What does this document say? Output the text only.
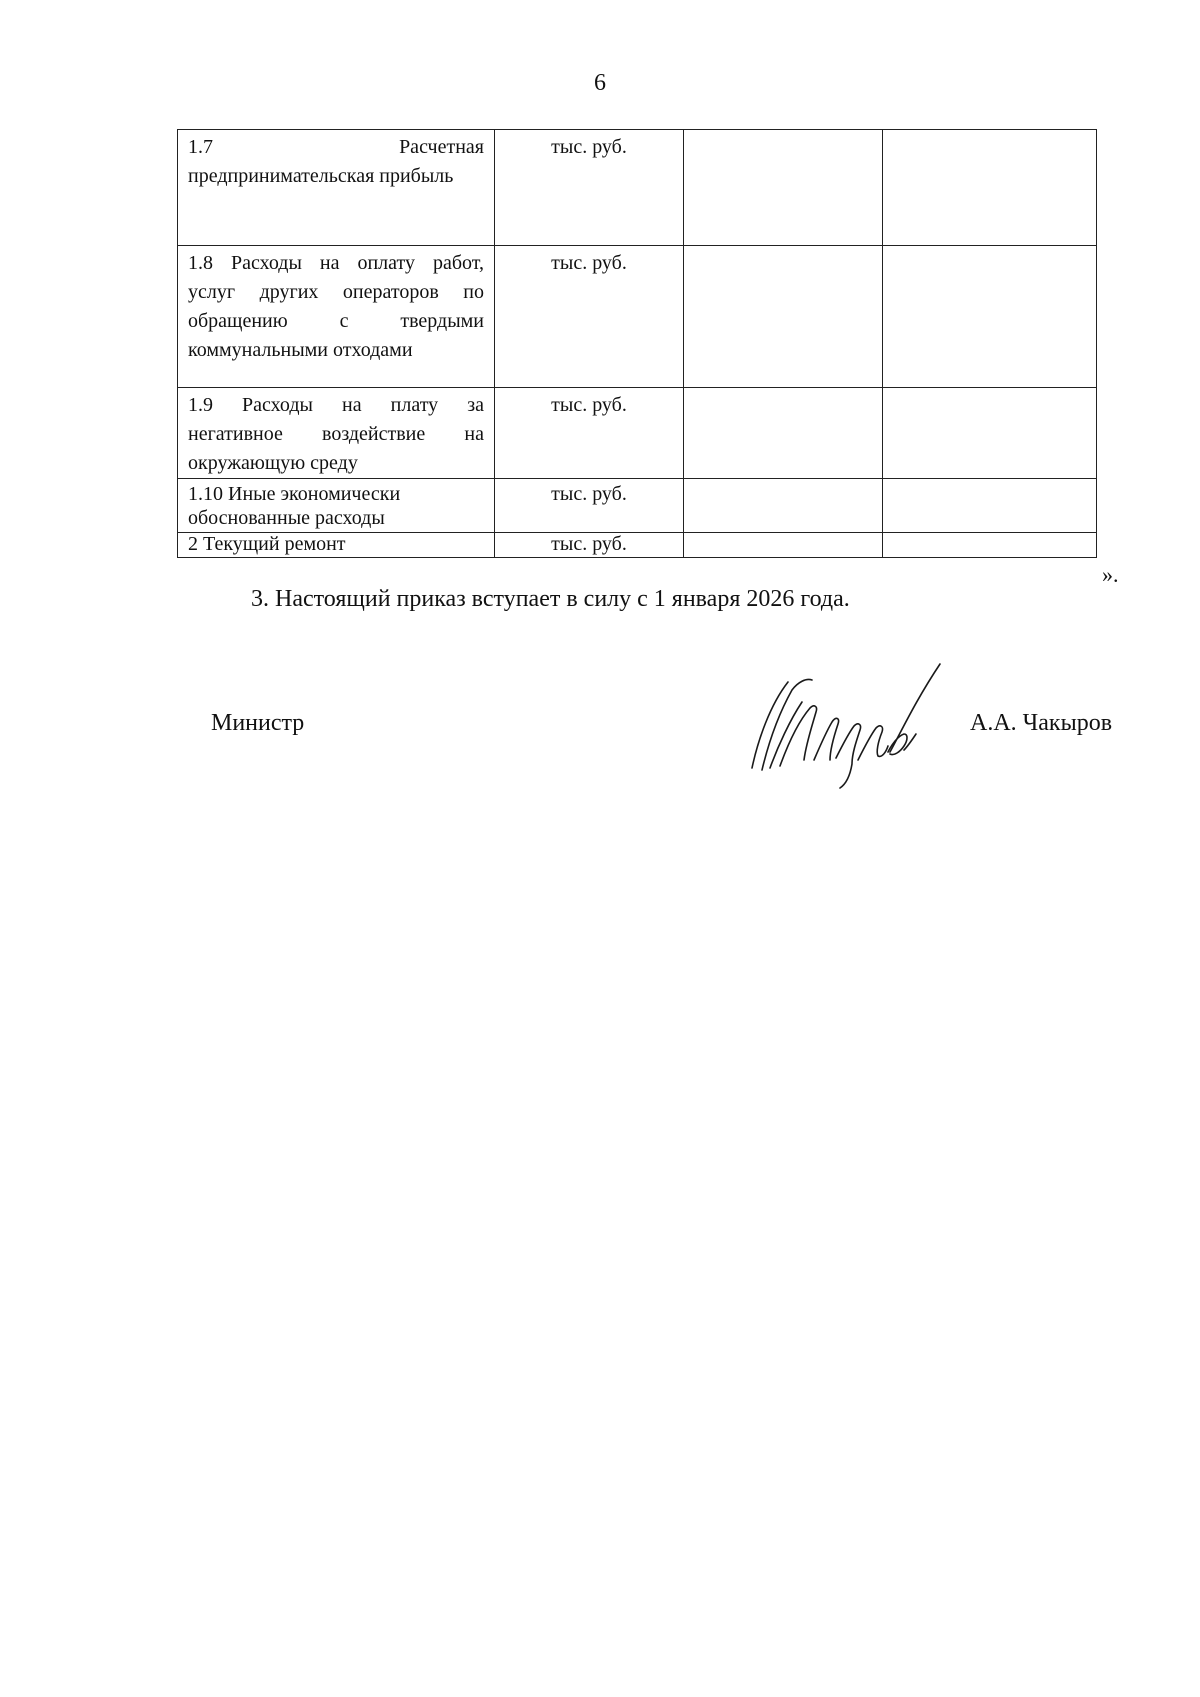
6
1.7 Расчетная
предпринимательская прибыль	тыс. руб.		
1.8 Расходы на оплату работ, услуг других операторов по обращению с твердыми коммунальными отходами	тыс. руб.		
1.9 Расходы на плату за негативное воздействие на окружающую среду	тыс. руб.		
1.10 Иные экономически обоснованные расходы	тыс. руб.		
2 Текущий ремонт	тыс. руб.		
».
3. Настоящий приказ вступает в силу с 1 января 2026 года.
Министр	А.А. Чакыров
